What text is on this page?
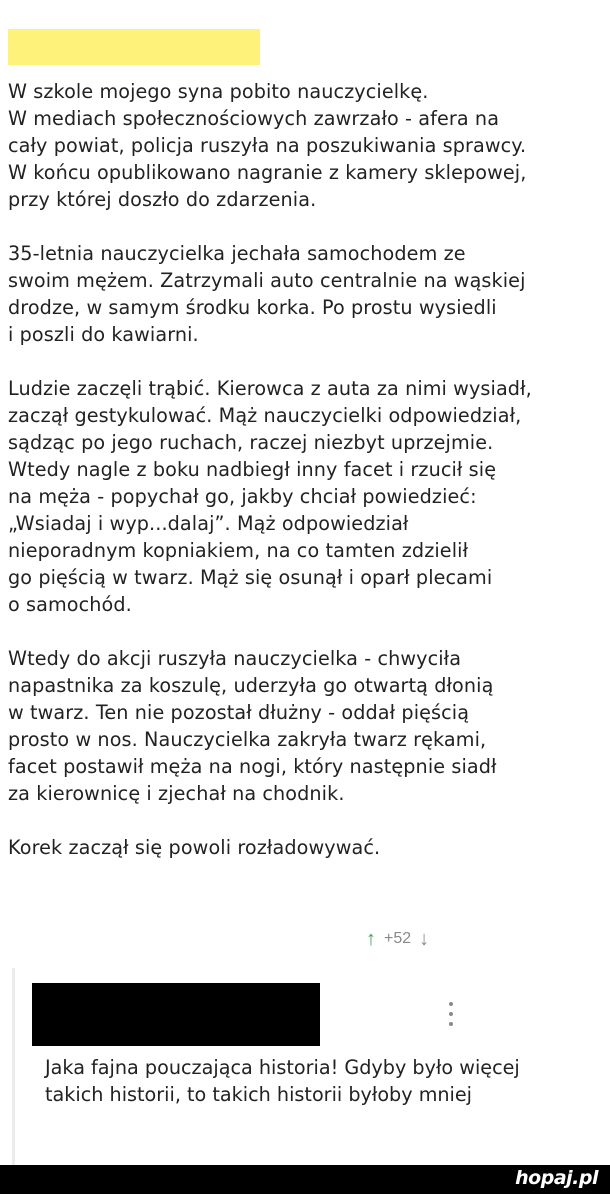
W szkole mojego syna pobito nauczycielkę.
W mediach społecznościowych zawrzało - afera na
cały powiat, policja ruszyła na poszukiwania sprawcy.
W końcu opublikowano nagranie z kamery sklepowej,
przy której doszło do zdarzenia.

35-letnia nauczycielka jechała samochodem ze
swoim mężem. Zatrzymali auto centralnie na wąskiej
drodze, w samym środku korka. Po prostu wysiedli
i poszli do kawiarni.

Ludzie zaczęli trąbić. Kierowca z auta za nimi wysiadł,
zaczął gestykulować. Mąż nauczycielki odpowiedział,
sądząc po jego ruchach, raczej niezbyt uprzejmie.
Wtedy nagle z boku nadbiegł inny facet i rzucił się
na męża - popychał go, jakby chciał powiedzieć:
„Wsiadaj i wyp...dalaj”. Mąż odpowiedział
nieporadnym kopniakiem, na co tamten zdzielił
go pięścią w twarz. Mąż się osunął i oparł plecami
o samochód.

Wtedy do akcji ruszyła nauczycielka - chwyciła
napastnika za koszulę, uderzyła go otwartą dłonią
w twarz. Ten nie pozostał dłużny - oddał pięścią
prosto w nos. Nauczycielka zakryła twarz rękami,
facet postawił męża na nogi, który następnie siadł
za kierownicę i zjechał na chodnik.

Korek zaczął się powoli rozładowywać.

↑ +52 ↓
Jaka fajna pouczająca historia! Gdyby było więcej takich historii, to takich historii byłoby mniej
hopaj.pl
